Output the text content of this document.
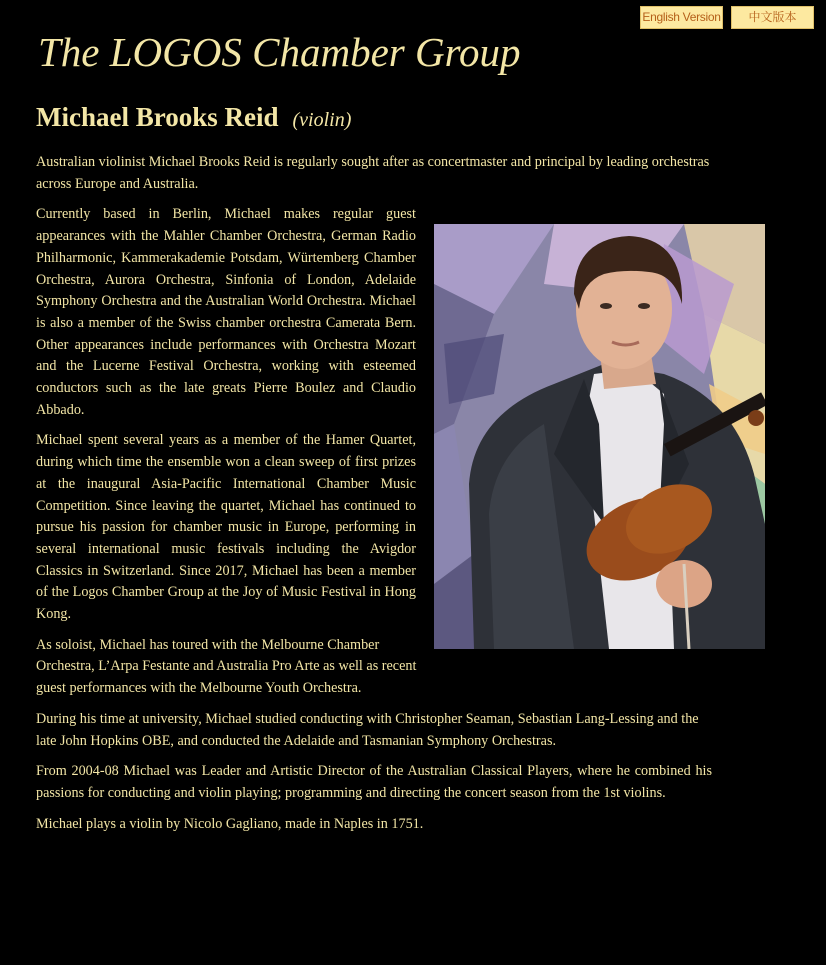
English Version	中文版本
The LOGOS Chamber Group
Michael Brooks Reid (violin)

Australian violinist Michael Brooks Reid is regularly sought after as concertmaster and principal by leading orchestras across Europe and Australia.

Currently based in Berlin, Michael makes regular guest appearances with the Mahler Chamber Orchestra, German Radio Philharmonic, Kammerakademie Potsdam, Würtemberg Chamber Orchestra, Aurora Orchestra, Sinfonia of London, Adelaide Symphony Orchestra and the Australian World Orchestra. Michael is also a member of the Swiss chamber orchestra Camerata Bern. Other appearances include performances with Orchestra Mozart and the Lucerne Festival Orchestra, working with esteemed conductors such as the late greats Pierre Boulez and Claudio Abbado.

Michael spent several years as a member of the Hamer Quartet, during which time the ensemble won a clean sweep of first prizes at the inaugural Asia-Pacific International Chamber Music Competition. Since leaving the quartet, Michael has continued to pursue his passion for chamber music in Europe, performing in several international music festivals including the Avigdor Classics in Switzerland. Since 2017, Michael has been a member of the Logos Chamber Group at the Joy of Music Festival in Hong Kong.

As soloist, Michael has toured with the Melbourne Chamber Orchestra, L’Arpa Festante and Australia Pro Arte as well as recent guest performances with the Melbourne Youth Orchestra.

During his time at university, Michael studied conducting with Christopher Seaman, Sebastian Lang-Lessing and the late John Hopkins OBE, and conducted the Adelaide and Tasmanian Symphony Orchestras.

From 2004-08 Michael was Leader and Artistic Director of the Australian Classical Players, where he combined his passions for conducting and violin playing; programming and directing the concert season from the 1st violins.

Michael plays a violin by Nicolo Gagliano, made in Naples in 1751.
